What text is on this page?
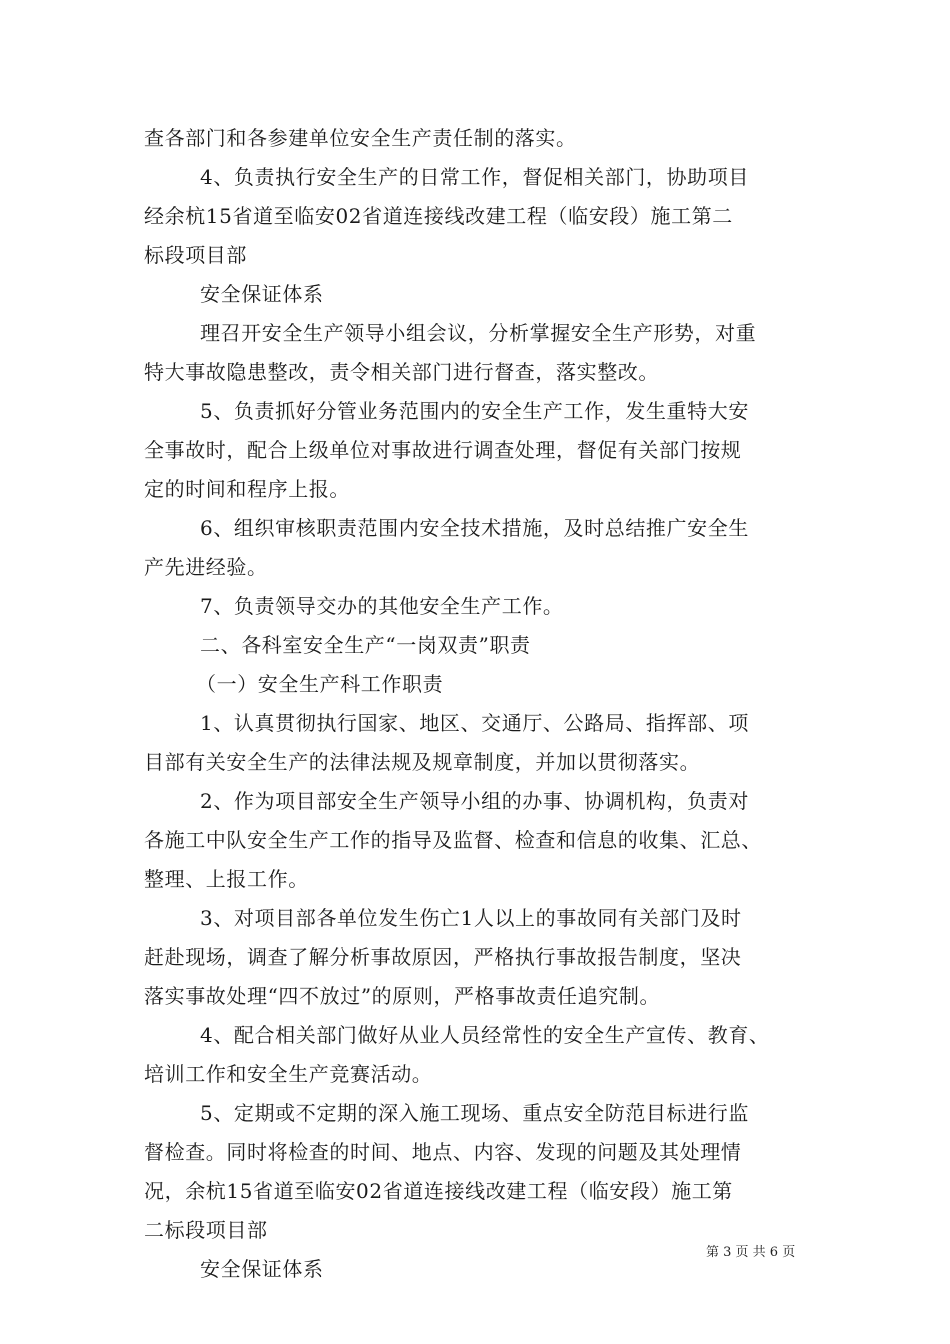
查各部门和各参建单位安全生产责任制的落实。
4、负责执行安全生产的日常工作，督促相关部门，协助项目
经余杭15省道至临安02省道连接线改建工程（临安段）施工第二
标段项目部
安全保证体系
理召开安全生产领导小组会议，分析掌握安全生产形势，对重
特大事故隐患整改，责令相关部门进行督查，落实整改。
5、负责抓好分管业务范围内的安全生产工作，发生重特大安
全事故时，配合上级单位对事故进行调查处理，督促有关部门按规
定的时间和程序上报。
6、组织审核职责范围内安全技术措施，及时总结推广安全生
产先进经验。
7、负责领导交办的其他安全生产工作。
二、各科室安全生产“一岗双责”职责
（一）安全生产科工作职责
1、认真贯彻执行国家、地区、交通厅、公路局、指挥部、项
目部有关安全生产的法律法规及规章制度，并加以贯彻落实。
2、作为项目部安全生产领导小组的办事、协调机构，负责对
各施工中队安全生产工作的指导及监督、检查和信息的收集、汇总、
整理、上报工作。
3、对项目部各单位发生伤亡1人以上的事故同有关部门及时
赶赴现场，调查了解分析事故原因，严格执行事故报告制度，坚决
落实事故处理“四不放过”的原则，严格事故责任追究制。
4、配合相关部门做好从业人员经常性的安全生产宣传、教育、
培训工作和安全生产竞赛活动。
5、定期或不定期的深入施工现场、重点安全防范目标进行监
督检查。同时将检查的时间、地点、内容、发现的问题及其处理情
况，余杭15省道至临安02省道连接线改建工程（临安段）施工第
二标段项目部
安全保证体系
第 3 页 共 6 页
